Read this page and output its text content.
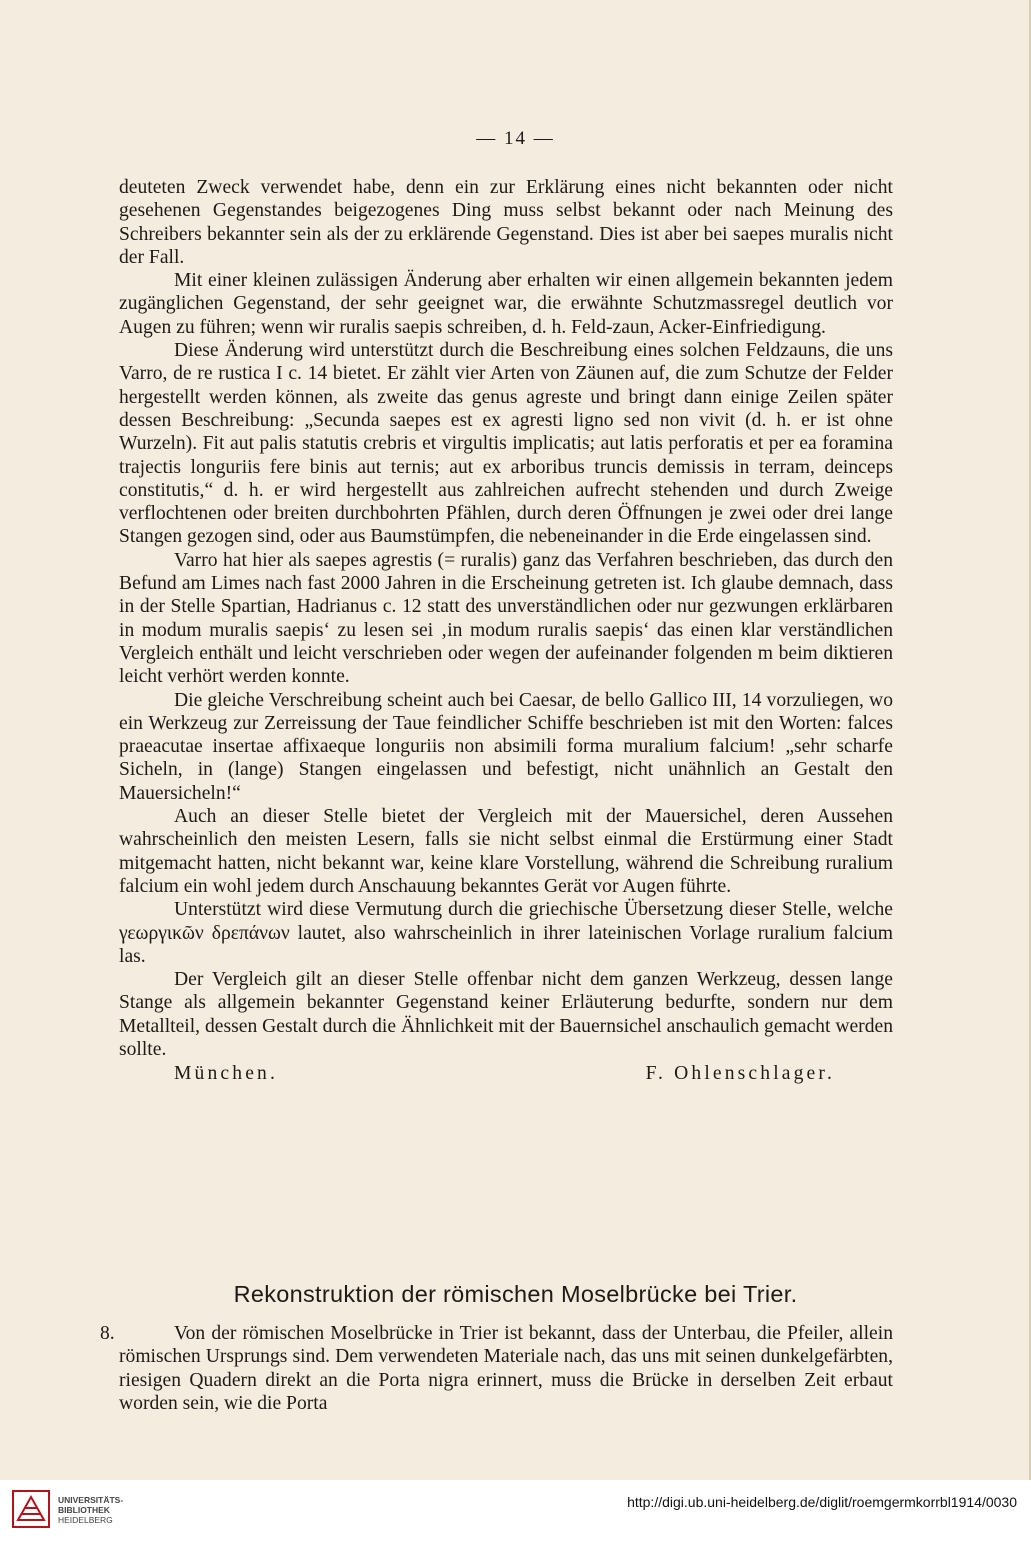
— 14 —

deuteten Zweck verwendet habe, denn ein zur Erklärung eines nicht bekannten oder nicht gesehenen Gegenstandes beigezogenes Ding muss selbst bekannt oder nach Meinung des Schreibers bekannter sein als der zu erklärende Gegenstand. Dies ist aber bei saepes muralis nicht der Fall.

Mit einer kleinen zulässigen Änderung aber erhalten wir einen allgemein bekannten jedem zugänglichen Gegenstand, der sehr geeignet war, die erwähnte Schutzmassregel deutlich vor Augen zu führen; wenn wir ruralis saepis schreiben, d. h. Feld-zaun, Acker-Einfriedigung.

Diese Änderung wird unterstützt durch die Beschreibung eines solchen Feldzauns, die uns Varro, de re rustica I c. 14 bietet. Er zählt vier Arten von Zäunen auf, die zum Schutze der Felder hergestellt werden können, als zweite das genus agreste und bringt dann einige Zeilen später dessen Beschreibung: „Secunda saepes est ex agresti ligno sed non vivit (d. h. er ist ohne Wurzeln). Fit aut palis statutis crebris et virgultis implicatis; aut latis perforatis et per ea foramina trajectis longuriis fere binis aut ternis; aut ex arboribus truncis demissis in terram, deinceps constitutis,“ d. h. er wird hergestellt aus zahlreichen aufrecht stehenden und durch Zweige verflochtenen oder breiten durchbohrten Pfählen, durch deren Öffnungen je zwei oder drei lange Stangen gezogen sind, oder aus Baumstümpfen, die nebeneinander in die Erde eingelassen sind.

Varro hat hier als saepes agrestis (= ruralis) ganz das Verfahren beschrieben, das durch den Befund am Limes nach fast 2000 Jahren in die Erscheinung getreten ist. Ich glaube demnach, dass in der Stelle Spartian, Hadrianus c. 12 statt des unverständlichen oder nur gezwungen erklärbaren in modum muralis saepis‘ zu lesen sei ‚in modum ruralis saepis‘ das einen klar verständlichen Vergleich enthält und leicht verschrieben oder wegen der aufeinander folgenden m beim diktieren leicht verhört werden konnte.

Die gleiche Verschreibung scheint auch bei Caesar, de bello Gallico III, 14 vorzuliegen, wo ein Werkzeug zur Zerreissung der Taue feindlicher Schiffe beschrieben ist mit den Worten: falces praeacutae insertae affixaeque longuriis non absimili forma muralium falcium! „sehr scharfe Sicheln, in (lange) Stangen eingelassen und befestigt, nicht unähnlich an Gestalt den Mauersicheln!“

Auch an dieser Stelle bietet der Vergleich mit der Mauersichel, deren Aussehen wahrscheinlich den meisten Lesern, falls sie nicht selbst einmal die Erstürmung einer Stadt mitgemacht hatten, nicht bekannt war, keine klare Vorstellung, während die Schreibung ruralium falcium ein wohl jedem durch Anschauung bekanntes Gerät vor Augen führte.

Unterstützt wird diese Vermutung durch die griechische Übersetzung dieser Stelle, welche γεωργικῶν δρεπάνων lautet, also wahrscheinlich in ihrer lateinischen Vorlage ruralium falcium las.

Der Vergleich gilt an dieser Stelle offenbar nicht dem ganzen Werkzeug, dessen lange Stange als allgemein bekannter Gegenstand keiner Erläuterung bedurfte, sondern nur dem Metallteil, dessen Gestalt durch die Ähnlichkeit mit der Bauernsichel anschaulich gemacht werden sollte.

München.	F. Ohlenschlager.
Rekonstruktion der römischen Moselbrücke bei Trier.
8.	Von der römischen Moselbrücke in Trier ist bekannt, dass der Unterbau, die Pfeiler, allein römischen Ursprungs sind. Dem verwendeten Materiale nach, das uns mit seinen dunkelgefärbten, riesigen Quadern direkt an die Porta nigra erinnert, muss die Brücke in derselben Zeit erbaut worden sein, wie die Porta

UNIVERSITÄTS-
BIBLIOTHEK
HEIDELBERG
http://digi.ub.uni-heidelberg.de/diglit/roemgermkorrbl1914/0030
